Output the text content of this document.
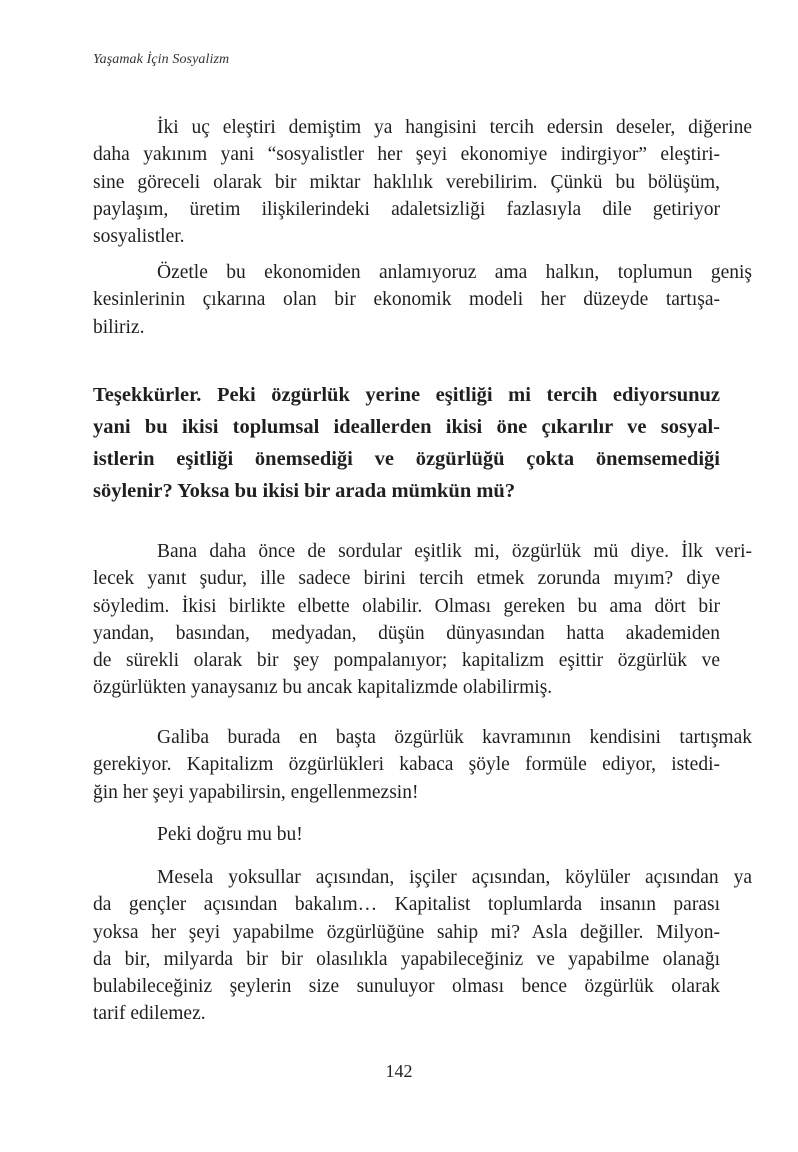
Yaşamak İçin Sosyalizm
İki uç eleştiri demiştim ya hangisini tercih edersin deseler, diğerine
daha yakınım yani “sosyalistler her şeyi ekonomiye indirgiyor” eleştiri-
sine göreceli olarak bir miktar haklılık verebilirim. Çünkü bu bölüşüm,
paylaşım, üretim ilişkilerindeki adaletsizliği fazlasıyla dile getiriyor
sosyalistler.
Özetle bu ekonomiden anlamıyoruz ama halkın, toplumun geniş
kesinlerinin çıkarına olan bir ekonomik modeli her düzeyde tartışa-
biliriz.
Teşekkürler. Peki özgürlük yerine eşitliği mi tercih ediyorsunuz
yani bu ikisi toplumsal ideallerden ikisi öne çıkarılır ve sosyal-
istlerin eşitliği önemsediği ve özgürlüğü çokta önemsemediği
söylenir? Yoksa bu ikisi bir arada mümkün mü?
Bana daha önce de sordular eşitlik mi, özgürlük mü diye. İlk veri-
lecek yanıt şudur, ille sadece birini tercih etmek zorunda mıyım? diye
söyledim. İkisi birlikte elbette olabilir. Olması gereken bu ama dört bir
yandan, basından, medyadan, düşün dünyasından hatta akademiden
de sürekli olarak bir şey pompalanıyor; kapitalizm eşittir özgürlük ve
özgürlükten yanaysanız bu ancak kapitalizmde olabilirmiş.
Galiba burada en başta özgürlük kavramının kendisini tartışmak
gerekiyor. Kapitalizm özgürlükleri kabaca şöyle formüle ediyor, istedi-
ğin her şeyi yapabilirsin, engellenmezsin!
Peki doğru mu bu!
Mesela yoksullar açısından, işçiler açısından, köylüler açısından ya
da gençler açısından bakalım… Kapitalist toplumlarda insanın parası
yoksa her şeyi yapabilme özgürlüğüne sahip mi? Asla değiller. Milyon-
da bir, milyarda bir bir olasılıkla yapabileceğiniz ve yapabilme olanağı
bulabileceğiniz şeylerin size sunuluyor olması bence özgürlük olarak
tarif edilemez.
142
